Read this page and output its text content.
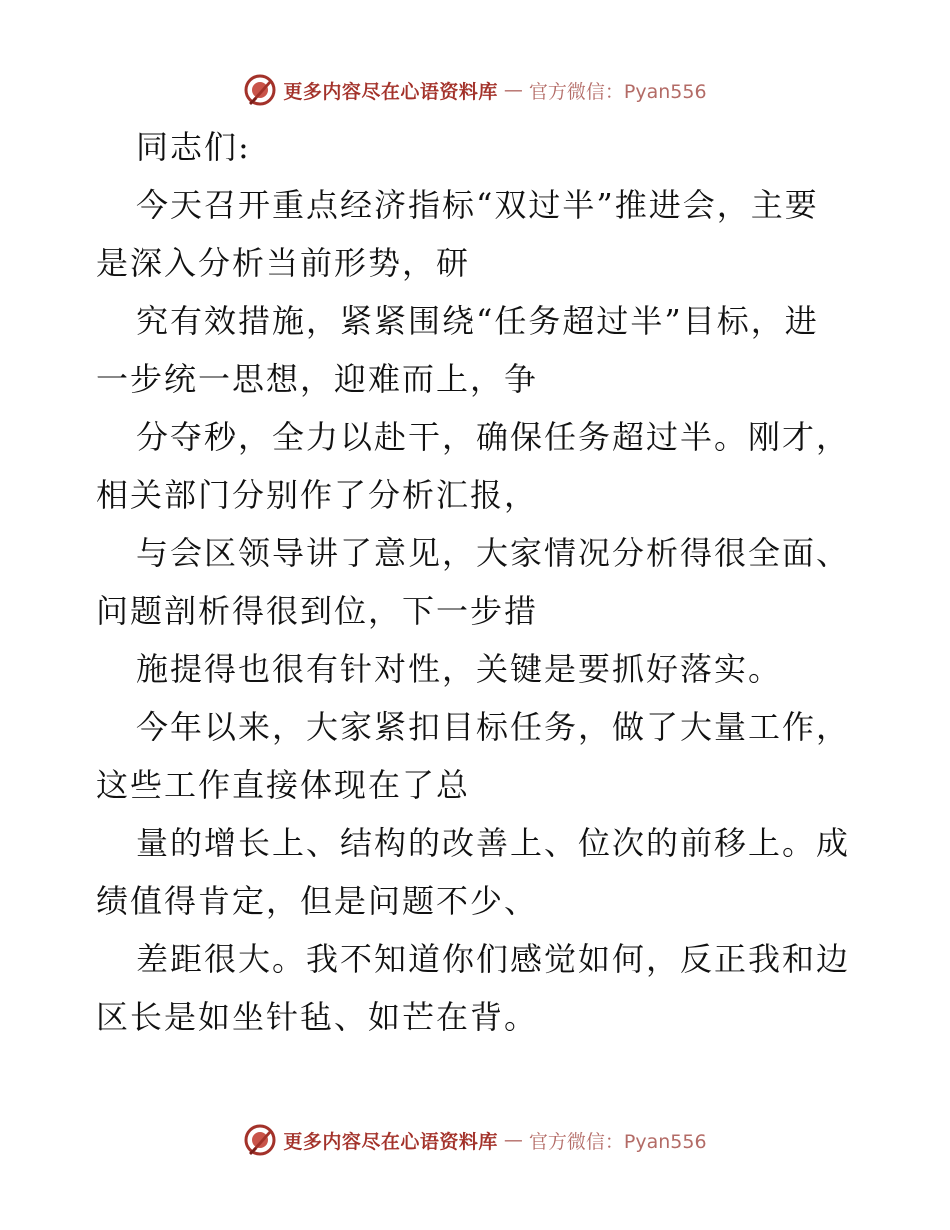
更多内容尽在心语资料库 — 官方微信：Pyan556
同志们:
今天召开重点经济指标“双过半”推进会，主要
是深入分析当前形势，研
究有效措施，紧紧围绕“任务超过半”目标，进
一步统一思想，迎难而上，争
分夺秒，全力以赴干，确保任务超过半。刚才，
相关部门分别作了分析汇报，
与会区领导讲了意见，大家情况分析得很全面、
问题剖析得很到位，下一步措
施提得也很有针对性，关键是要抓好落实。
今年以来，大家紧扣目标任务，做了大量工作，
这些工作直接体现在了总
量的增长上、结构的改善上、位次的前移上。成
绩值得肯定，但是问题不少、
差距很大。我不知道你们感觉如何，反正我和边
区长是如坐针毡、如芒在背。
更多内容尽在心语资料库 — 官方微信：Pyan556
